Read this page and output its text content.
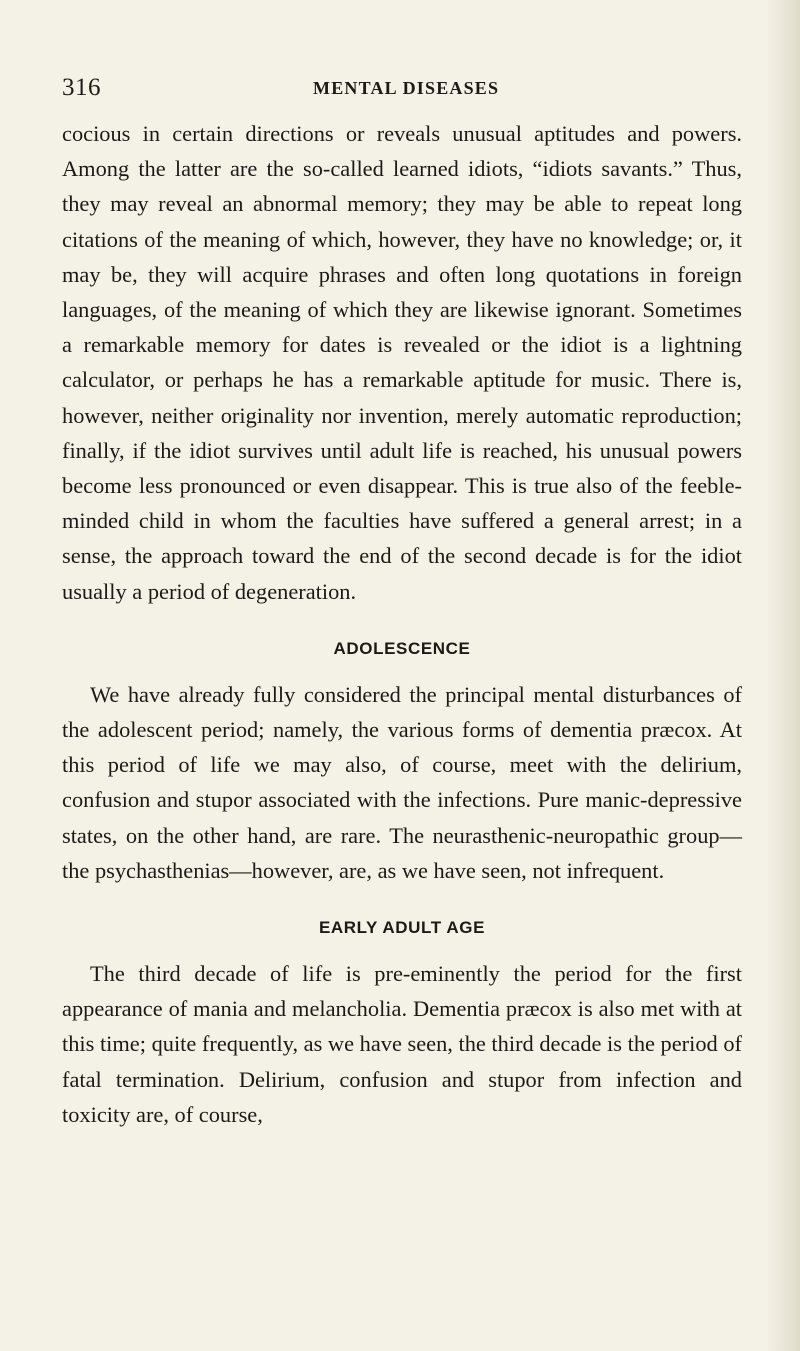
316	MENTAL DISEASES

cocious in certain directions or reveals unusual aptitudes and powers. Among the latter are the so-called learned idiots, “idiots savants.” Thus, they may reveal an abnormal memory; they may be able to repeat long citations of the meaning of which, however, they have no knowledge; or, it may be, they will acquire phrases and often long quotations in foreign languages, of the meaning of which they are likewise ignorant. Sometimes a remarkable memory for dates is revealed or the idiot is a lightning calculator, or perhaps he has a remarkable aptitude for music. There is, however, neither originality nor invention, merely automatic reproduction; finally, if the idiot survives until adult life is reached, his unusual powers become less pronounced or even disappear. This is true also of the feeble-minded child in whom the faculties have suffered a general arrest; in a sense, the approach toward the end of the second decade is for the idiot usually a period of degeneration.

ADOLESCENCE

We have already fully considered the principal mental disturbances of the adolescent period; namely, the various forms of dementia præcox. At this period of life we may also, of course, meet with the delirium, confusion and stupor associated with the infections. Pure manic-depressive states, on the other hand, are rare. The neurasthenic-neuropathic group—the psychasthenias—however, are, as we have seen, not infrequent.

EARLY ADULT AGE

The third decade of life is pre-eminently the period for the first appearance of mania and melancholia. Dementia præcox is also met with at this time; quite frequently, as we have seen, the third decade is the period of fatal termination. Delirium, confusion and stupor from infection and toxicity are, of course,
